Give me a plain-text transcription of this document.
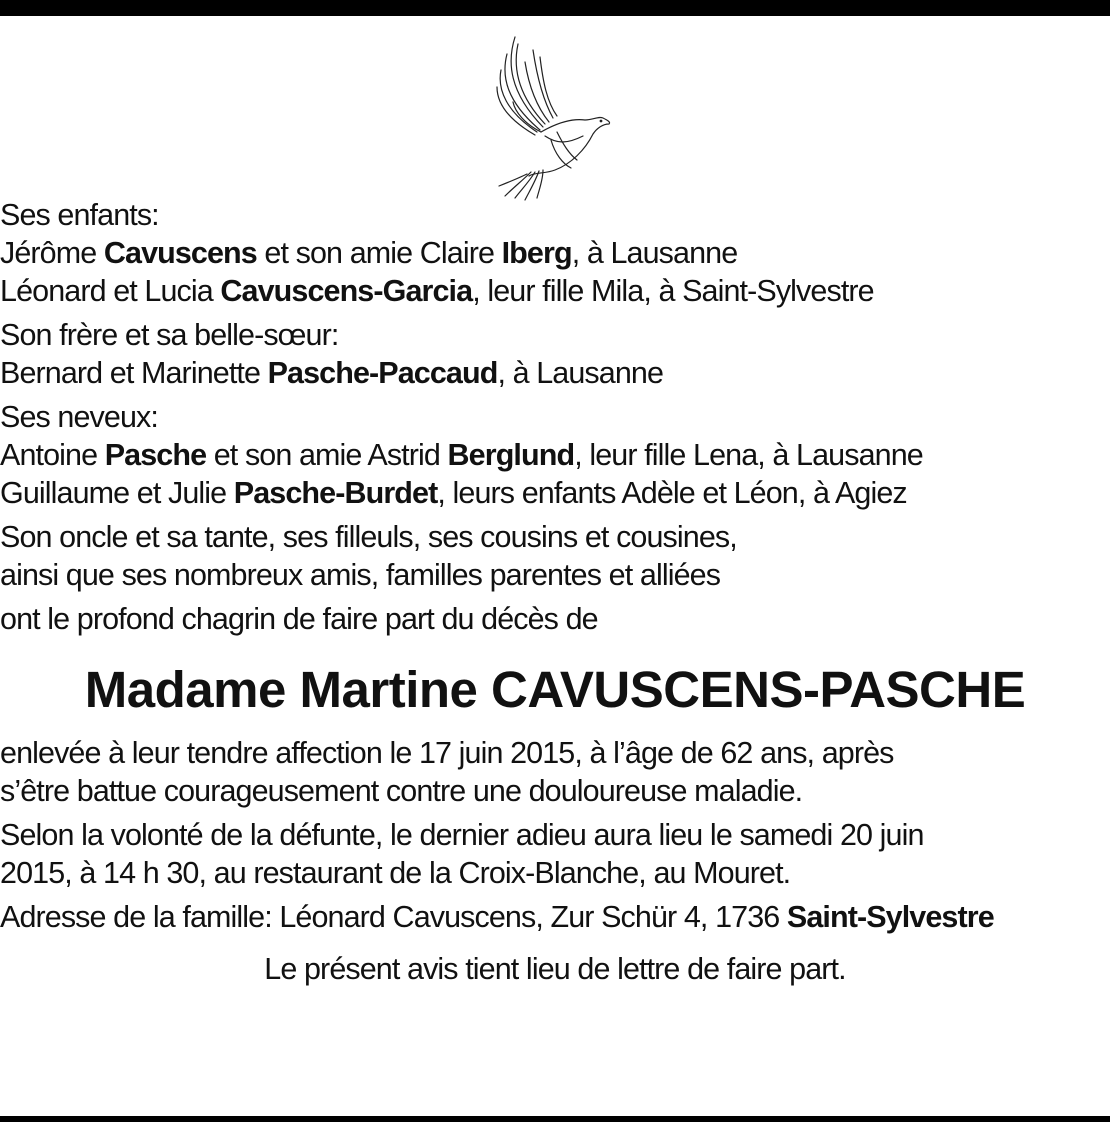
Ses enfants:
Jérôme Cavuscens et son amie Claire Iberg, à Lausanne
Léonard et Lucia Cavuscens-Garcia, leur fille Mila, à Saint-Sylvestre
Son frère et sa belle-sœur:
Bernard et Marinette Pasche-Paccaud, à Lausanne
Ses neveux:
Antoine Pasche et son amie Astrid Berglund, leur fille Lena, à Lausanne
Guillaume et Julie Pasche-Burdet, leurs enfants Adèle et Léon, à Agiez
Son oncle et sa tante, ses filleuls, ses cousins et cousines,
ainsi que ses nombreux amis, familles parentes et alliées
ont le profond chagrin de faire part du décès de
Madame Martine CAVUSCENS-PASCHE
enlevée à leur tendre affection le 17 juin 2015, à l’âge de 62 ans, après
s’être battue courageusement contre une douloureuse maladie.
Selon la volonté de la défunte, le dernier adieu aura lieu le samedi 20 juin
2015, à 14 h 30, au restaurant de la Croix-Blanche, au Mouret.
Adresse de la famille: Léonard Cavuscens, Zur Schür 4, 1736 Saint-Sylvestre
Le présent avis tient lieu de lettre de faire part.
